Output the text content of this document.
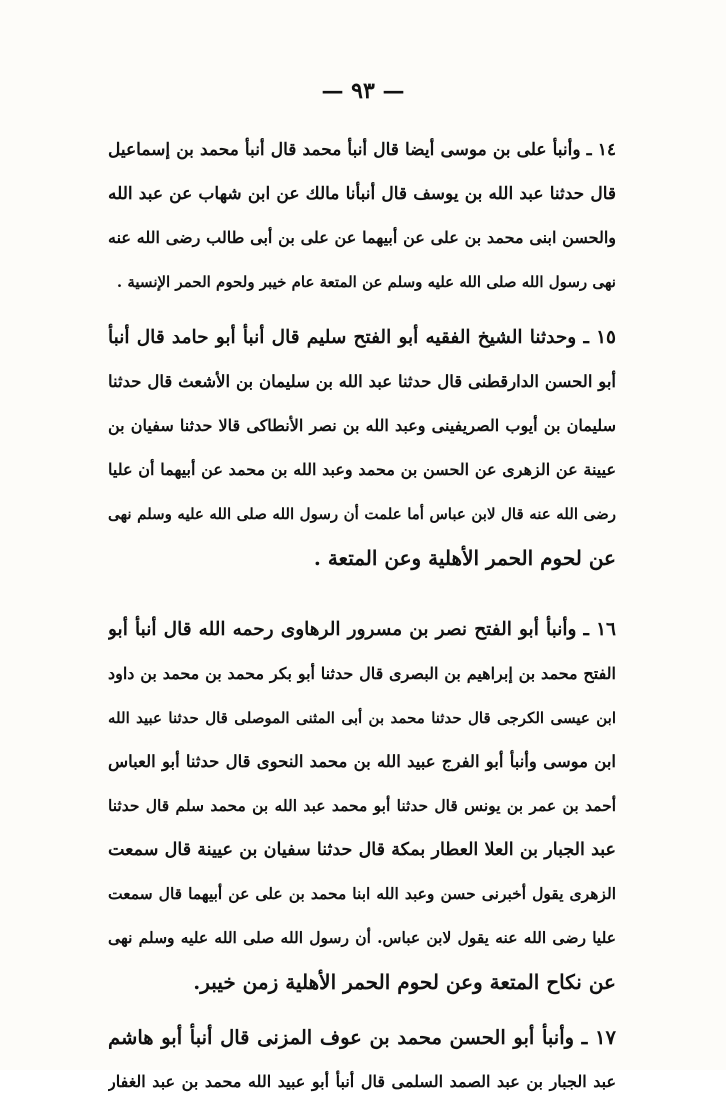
— ٩٣ —
١٤ ـ وأنبأ على بن موسى أيضا قال أنبأ محمد قال أنبأ محمد بن إسماعيل
قال حدثنا عبد الله بن يوسف قال أنبأنا مالك عن ابن شهاب عن عبد الله
والحسن ابنى محمد بن على عن أبيهما عن على بن أبى طالب رضى الله عنه
نهى رسول الله صلى الله عليه وسلم عن المتعة عام خيبر ولحوم الحمر الإنسية .
١٥ ـ وحدثنا الشيخ الفقيه أبو الفتح سليم قال أنبأ أبو حامد قال أنبأ
أبو الحسن الدارقطنى قال حدثنا عبد الله بن سليمان بن الأشعث قال حدثنا
سليمان بن أيوب الصريفينى وعبد الله بن نصر الأنطاكى قالا حدثنا سفيان بن
عيينة عن الزهرى عن الحسن بن محمد وعبد الله بن محمد عن أبيهما أن عليا
رضى الله عنه قال لابن عباس أما علمت أن رسول الله صلى الله عليه وسلم نهى
عن لحوم الحمر الأهلية وعن المتعة .
١٦ ـ وأنبأ أبو الفتح نصر بن مسرور الرهاوى رحمه الله قال أنبأ أبو
الفتح محمد بن إبراهيم بن البصرى قال حدثنا أبو بكر محمد بن محمد بن داود
ابن عيسى الكرجى قال حدثنا محمد بن أبى المثنى الموصلى قال حدثنا عبيد الله
ابن موسى وأنبأ أبو الفرج عبيد الله بن محمد النحوى قال حدثنا أبو العباس
أحمد بن عمر بن يونس قال حدثنا أبو محمد عبد الله بن محمد سلم قال حدثنا
عبد الجبار بن العلا العطار بمكة قال حدثنا سفيان بن عيينة قال سمعت
الزهرى يقول أخبرنى حسن وعبد الله ابنا محمد بن على عن أبيهما قال سمعت
عليا رضى الله عنه يقول لابن عباس. أن رسول الله صلى الله عليه وسلم نهى
عن نكاح المتعة وعن لحوم الحمر الأهلية زمن خيبر.
١٧ ـ وأنبأ أبو الحسن محمد بن عوف المزنى قال أنبأ أبو هاشم
عبد الجبار بن عبد الصمد السلمى قال أنبأ أبو عبيد الله محمد بن عبد الغفار
